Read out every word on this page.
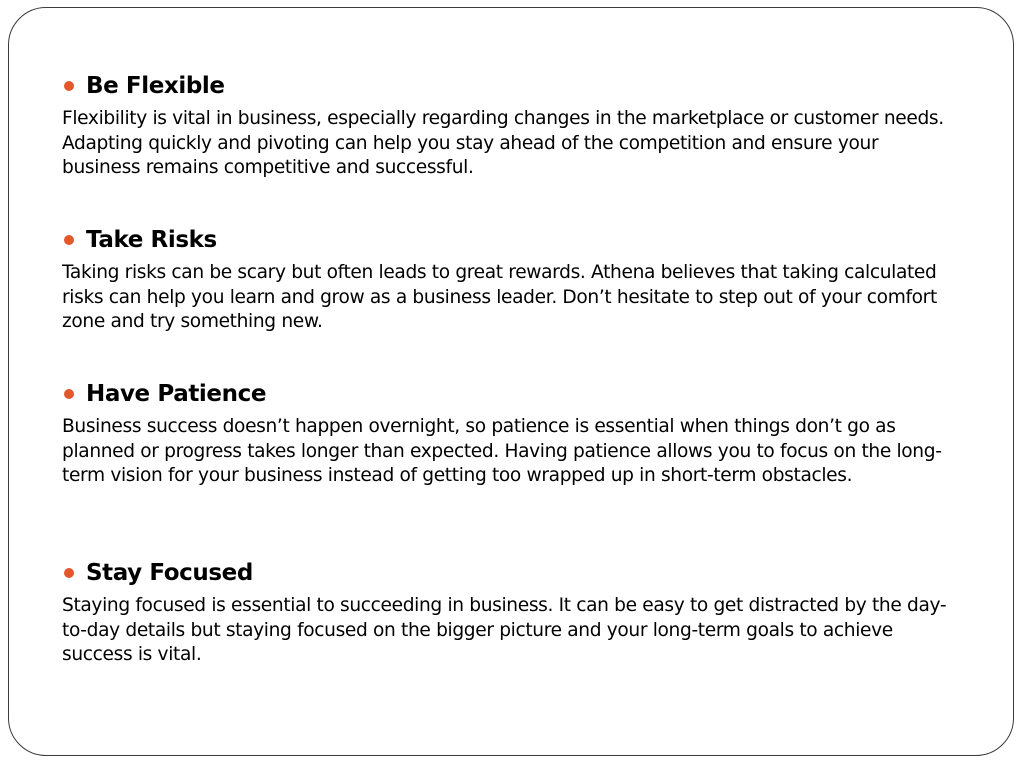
Be Flexible
Flexibility is vital in business, especially regarding changes in the marketplace or customer needs. Adapting quickly and pivoting can help you stay ahead of the competition and ensure your business remains competitive and successful.
Take Risks
Taking risks can be scary but often leads to great rewards. Athena believes that taking calculated risks can help you learn and grow as a business leader. Don’t hesitate to step out of your comfort zone and try something new.
Have Patience
Business success doesn’t happen overnight, so patience is essential when things don’t go as planned or progress takes longer than expected. Having patience allows you to focus on the long-term vision for your business instead of getting too wrapped up in short-term obstacles.
Stay Focused
Staying focused is essential to succeeding in business. It can be easy to get distracted by the day-to-day details but staying focused on the bigger picture and your long-term goals to achieve success is vital.
